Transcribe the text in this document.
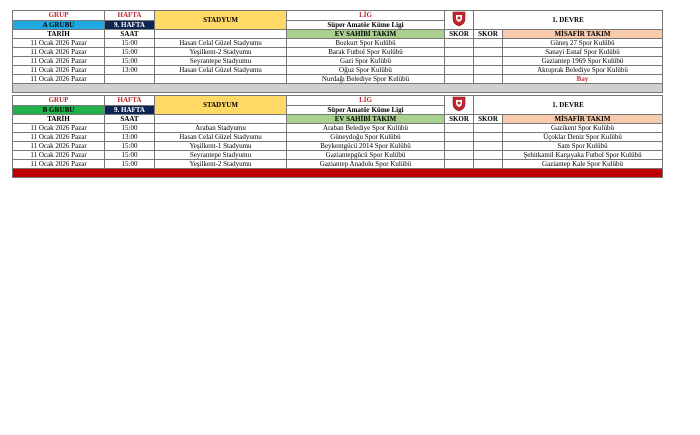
GRUP	HAFTA	STADYUM	LİG		1. DEVRE	
A GRUBU	9. HAFTA		Süper Amatör Küme Ligi			
TARİH	SAAT		EV SAHİBİ TAKIM	SKOR	SKOR	MİSAFİR TAKIM
11 Ocak 2026 Pazar	15:00	Hasan Celal Güzel Stadyumu	Bozkurt Spor Kulübü			Güneş 27 Spor Kulübü
11 Ocak 2026 Pazar	15:00	Yeşilkent-2 Stadyumu	Barak Futbol Spor Kulübü			Sanayi Esnaf Spor Kulübü
11 Ocak 2026 Pazar	15:00	Seyrantepe Stadyumu	Gazi Spor Kulübü			Gaziantep 1969 Spor Kulübü
11 Ocak 2026 Pazar	13:00	Hasan Celal Güzel Stadyumu	Oğuz Spor Kulübü			Aktoprak Belediye Spor Kulübü
11 Ocak 2026 Pazar			Nurdağı Belediye Spor Kulübü			Bay

GRUP	HAFTA	STADYUM	LİG		1. DEVRE	
B GRUBU	9. HAFTA		Süper Amatör Küme Ligi			
TARİH	SAAT		EV SAHİBİ TAKIM	SKOR	SKOR	MİSAFİR TAKIM
11 Ocak 2026 Pazar	15:00	Araban Stadyumu	Araban Belediye Spor Kulübü			Gazikent Spor Kulübü
11 Ocak 2026 Pazar	13:00	Hasan Celal Güzel Stadyumu	Güneydoğu Spor Kulübü			Üçoklar Deniz Spor Kulübü
11 Ocak 2026 Pazar	15:00	Yeşilkent-1 Stadyumu	Beykentgücü 2014 Spor Kulübü			Sam Spor Kulübü
11 Ocak 2026 Pazar	15:00	Seyrantepe Stadyumu	Gaziantepgücü Spor Kulübü			Şehitkamil Karşıyaka Futbol Spor Kulübü
11 Ocak 2026 Pazar	15:00	Yeşilkent-2 Stadyumu	Gaziantep Anadolu Spor Kulübü			Gaziantep Kale Spor Kulübü
